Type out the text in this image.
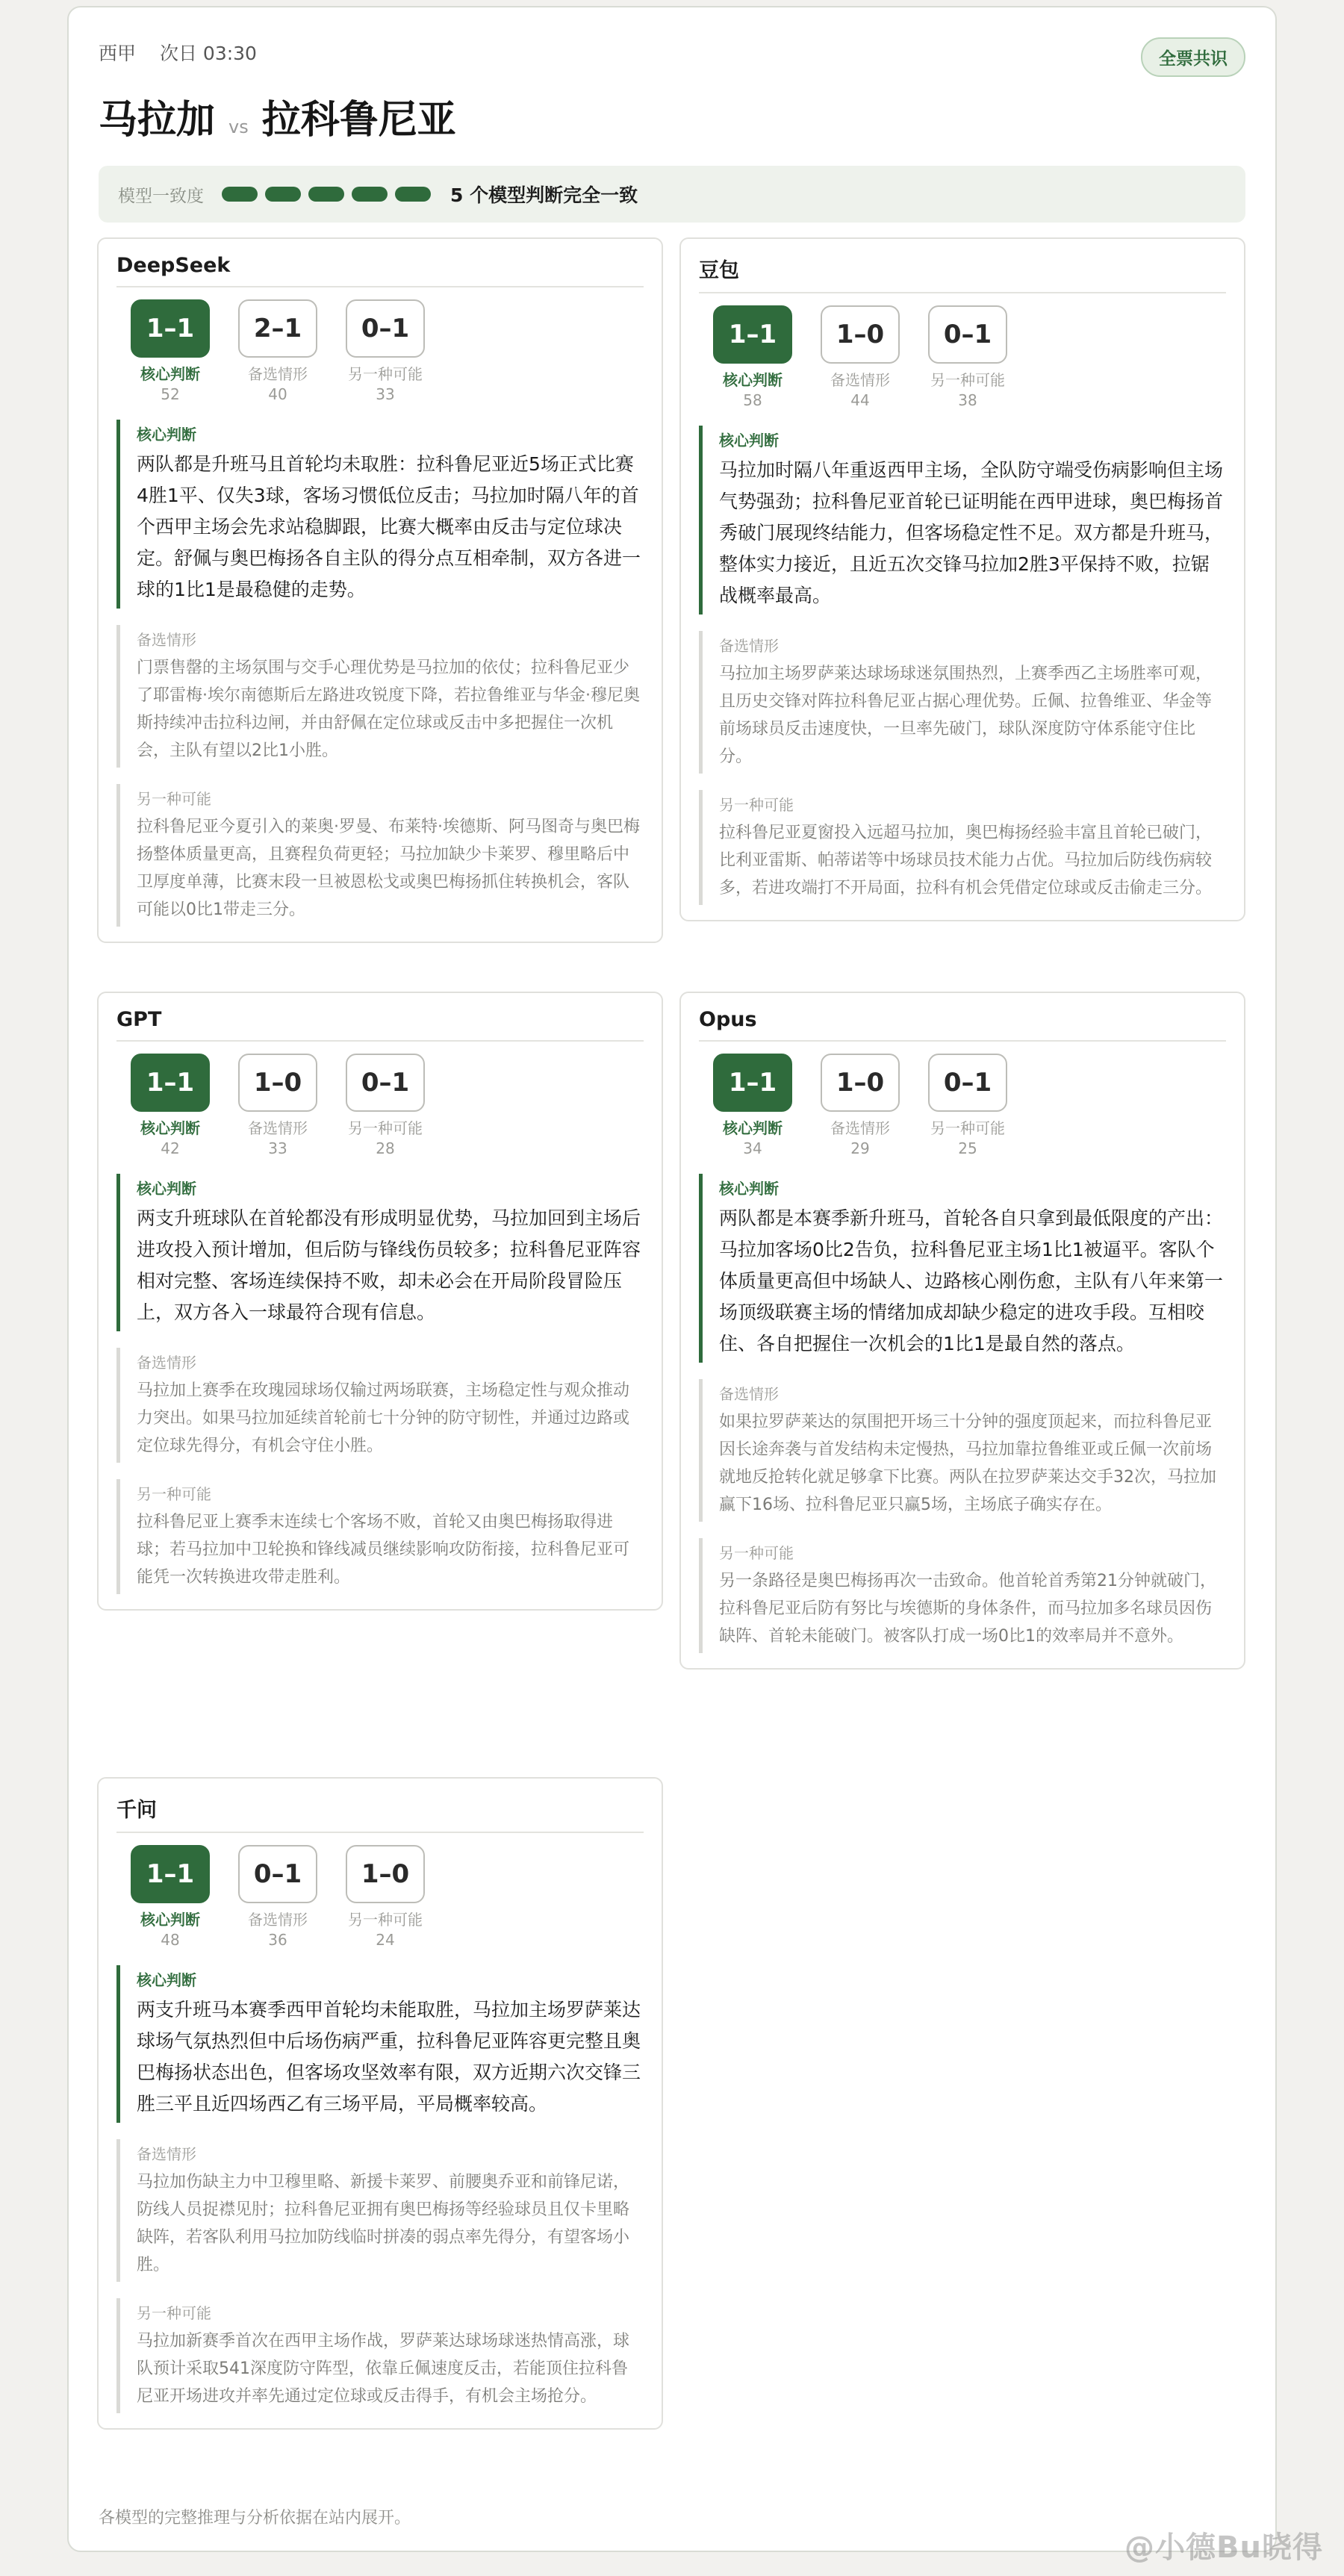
西甲 次日 03:30	全票共识
马拉加 vs 拉科鲁尼亚
模型一致度	5 个模型判断完全一致
DeepSeek
1–1
核心判断
52
2–1
备选情形
40
0–1
另一种可能
33
核心判断
两队都是升班马且首轮均未取胜：拉科鲁尼亚近5场正式比赛4胜1平、仅失3球，客场习惯低位反击；马拉加时隔八年的首个西甲主场会先求站稳脚跟，比赛大概率由反击与定位球决定。舒佩与奥巴梅扬各自主队的得分点互相牵制，双方各进一球的1比1是最稳健的走势。
备选情形
门票售罄的主场氛围与交手心理优势是马拉加的依仗；拉科鲁尼亚少了耶雷梅·埃尔南德斯后左路进攻锐度下降，若拉鲁维亚与华金·穆尼奥斯持续冲击拉科边闸，并由舒佩在定位球或反击中多把握住一次机会，主队有望以2比1小胜。
另一种可能
拉科鲁尼亚今夏引入的莱奥·罗曼、布莱特·埃德斯、阿马图奇与奥巴梅扬整体质量更高，且赛程负荷更轻；马拉加缺少卡莱罗、穆里略后中卫厚度单薄，比赛末段一旦被恩松戈或奥巴梅扬抓住转换机会，客队可能以0比1带走三分。
豆包
1–1
核心判断
58
1–0
备选情形
44
0–1
另一种可能
38
核心判断
马拉加时隔八年重返西甲主场，全队防守端受伤病影响但主场气势强劲；拉科鲁尼亚首轮已证明能在西甲进球，奥巴梅扬首秀破门展现终结能力，但客场稳定性不足。双方都是升班马，整体实力接近，且近五次交锋马拉加2胜3平保持不败，拉锯战概率最高。
备选情形
马拉加主场罗萨莱达球场球迷氛围热烈，上赛季西乙主场胜率可观，且历史交锋对阵拉科鲁尼亚占据心理优势。丘佩、拉鲁维亚、华金等前场球员反击速度快，一旦率先破门，球队深度防守体系能守住比分。
另一种可能
拉科鲁尼亚夏窗投入远超马拉加，奥巴梅扬经验丰富且首轮已破门，比利亚雷斯、帕蒂诺等中场球员技术能力占优。马拉加后防线伤病较多，若进攻端打不开局面，拉科有机会凭借定位球或反击偷走三分。
GPT
1–1
核心判断
42
1–0
备选情形
33
0–1
另一种可能
28
核心判断
两支升班球队在首轮都没有形成明显优势，马拉加回到主场后进攻投入预计增加，但后防与锋线伤员较多；拉科鲁尼亚阵容相对完整、客场连续保持不败，却未必会在开局阶段冒险压上，双方各入一球最符合现有信息。
备选情形
马拉加上赛季在玫瑰园球场仅输过两场联赛，主场稳定性与观众推动力突出。如果马拉加延续首轮前七十分钟的防守韧性，并通过边路或定位球先得分，有机会守住小胜。
另一种可能
拉科鲁尼亚上赛季末连续七个客场不败，首轮又由奥巴梅扬取得进球；若马拉加中卫轮换和锋线减员继续影响攻防衔接，拉科鲁尼亚可能凭一次转换进攻带走胜利。
Opus
1–1
核心判断
34
1–0
备选情形
29
0–1
另一种可能
25
核心判断
两队都是本赛季新升班马，首轮各自只拿到最低限度的产出：马拉加客场0比2告负，拉科鲁尼亚主场1比1被逼平。客队个体质量更高但中场缺人、边路核心刚伤愈，主队有八年来第一场顶级联赛主场的情绪加成却缺少稳定的进攻手段。互相咬住、各自把握住一次机会的1比1是最自然的落点。
备选情形
如果拉罗萨莱达的氛围把开场三十分钟的强度顶起来，而拉科鲁尼亚因长途奔袭与首发结构未定慢热，马拉加靠拉鲁维亚或丘佩一次前场就地反抢转化就足够拿下比赛。两队在拉罗萨莱达交手32次，马拉加赢下16场、拉科鲁尼亚只赢5场，主场底子确实存在。
另一种可能
另一条路径是奥巴梅扬再次一击致命。他首轮首秀第21分钟就破门，拉科鲁尼亚后防有努比与埃德斯的身体条件，而马拉加多名球员因伤缺阵、首轮未能破门。被客队打成一场0比1的效率局并不意外。
千问
1–1
核心判断
48
0–1
备选情形
36
1–0
另一种可能
24
核心判断
两支升班马本赛季西甲首轮均未能取胜，马拉加主场罗萨莱达球场气氛热烈但中后场伤病严重，拉科鲁尼亚阵容更完整且奥巴梅扬状态出色，但客场攻坚效率有限，双方近期六次交锋三胜三平且近四场西乙有三场平局，平局概率较高。
备选情形
马拉加伤缺主力中卫穆里略、新援卡莱罗、前腰奥乔亚和前锋尼诺，防线人员捉襟见肘；拉科鲁尼亚拥有奥巴梅扬等经验球员且仅卡里略缺阵，若客队利用马拉加防线临时拼凑的弱点率先得分，有望客场小胜。
另一种可能
马拉加新赛季首次在西甲主场作战，罗萨莱达球场球迷热情高涨，球队预计采取541深度防守阵型，依靠丘佩速度反击，若能顶住拉科鲁尼亚开场进攻并率先通过定位球或反击得手，有机会主场抢分。
各模型的完整推理与分析依据在站内展开。
@小德Bu晓得
